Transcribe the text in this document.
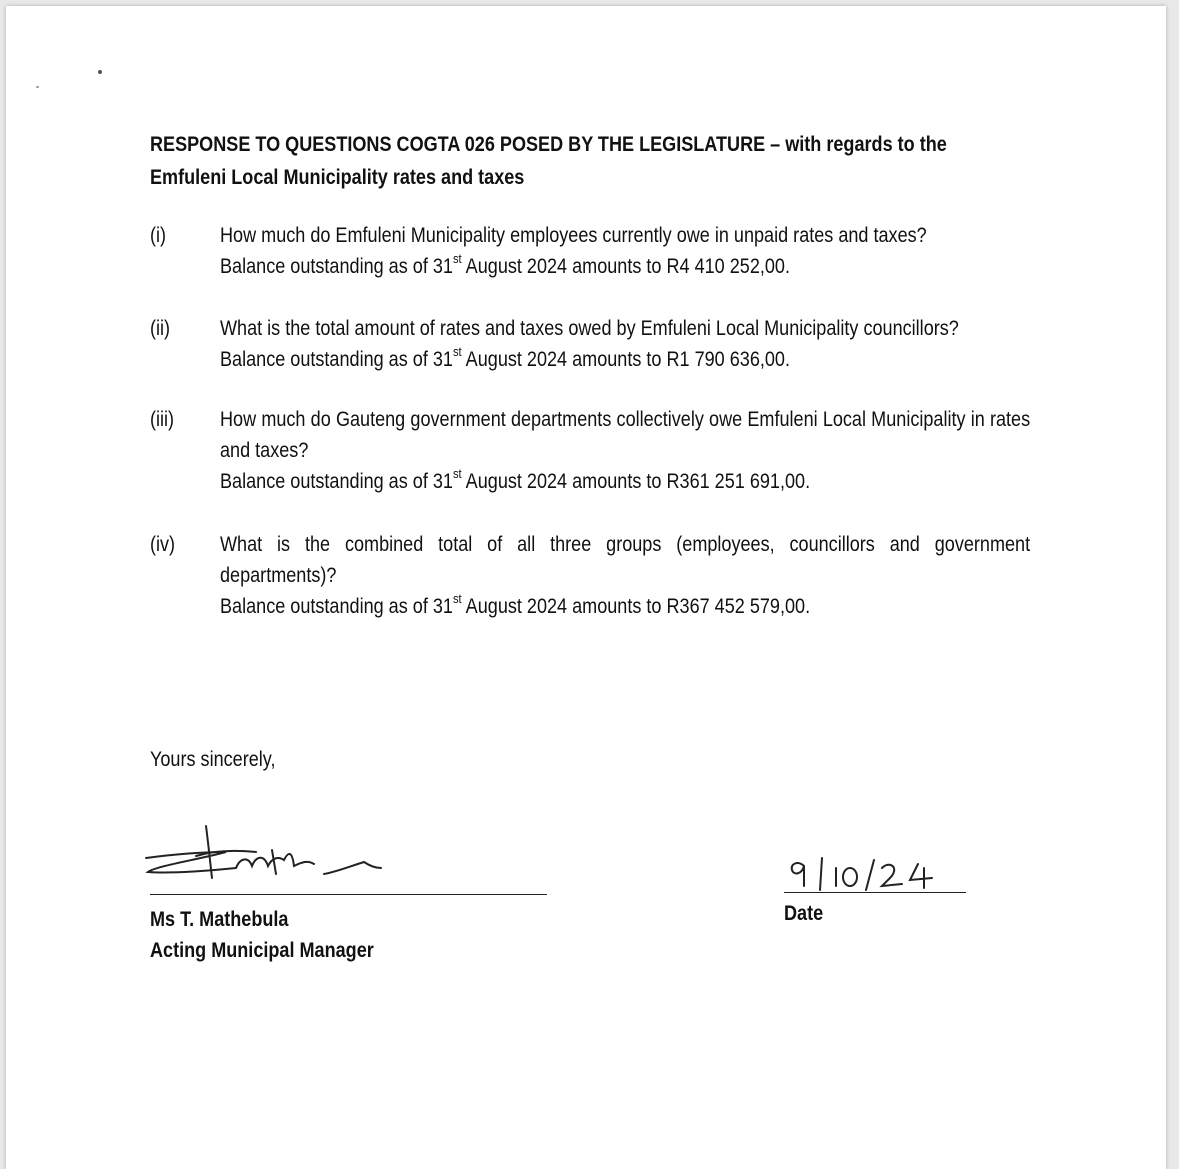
RESPONSE TO QUESTIONS COGTA 026 POSED BY THE LEGISLATURE – with regards to the
Emfuleni Local Municipality rates and taxes
(i)	How much do Emfuleni Municipality employees currently owe in unpaid rates and taxes?
Balance outstanding as of 31st August 2024 amounts to R4 410 252,00.
(ii) What is the total amount of rates and taxes owed by Emfuleni Local Municipality councillors?
Balance outstanding as of 31st August 2024 amounts to R1 790 636,00.
(iii) How much do Gauteng government departments collectively owe Emfuleni Local Municipality in rates and taxes?
Balance outstanding as of 31st August 2024 amounts to R361 251 691,00.
(iv) What is the combined total of all three groups (employees, councillors and government departments)?
Balance outstanding as of 31st August 2024 amounts to R367 452 579,00.
Yours sincerely,
Ms T. Mathebula
Acting Municipal Manager
Date
